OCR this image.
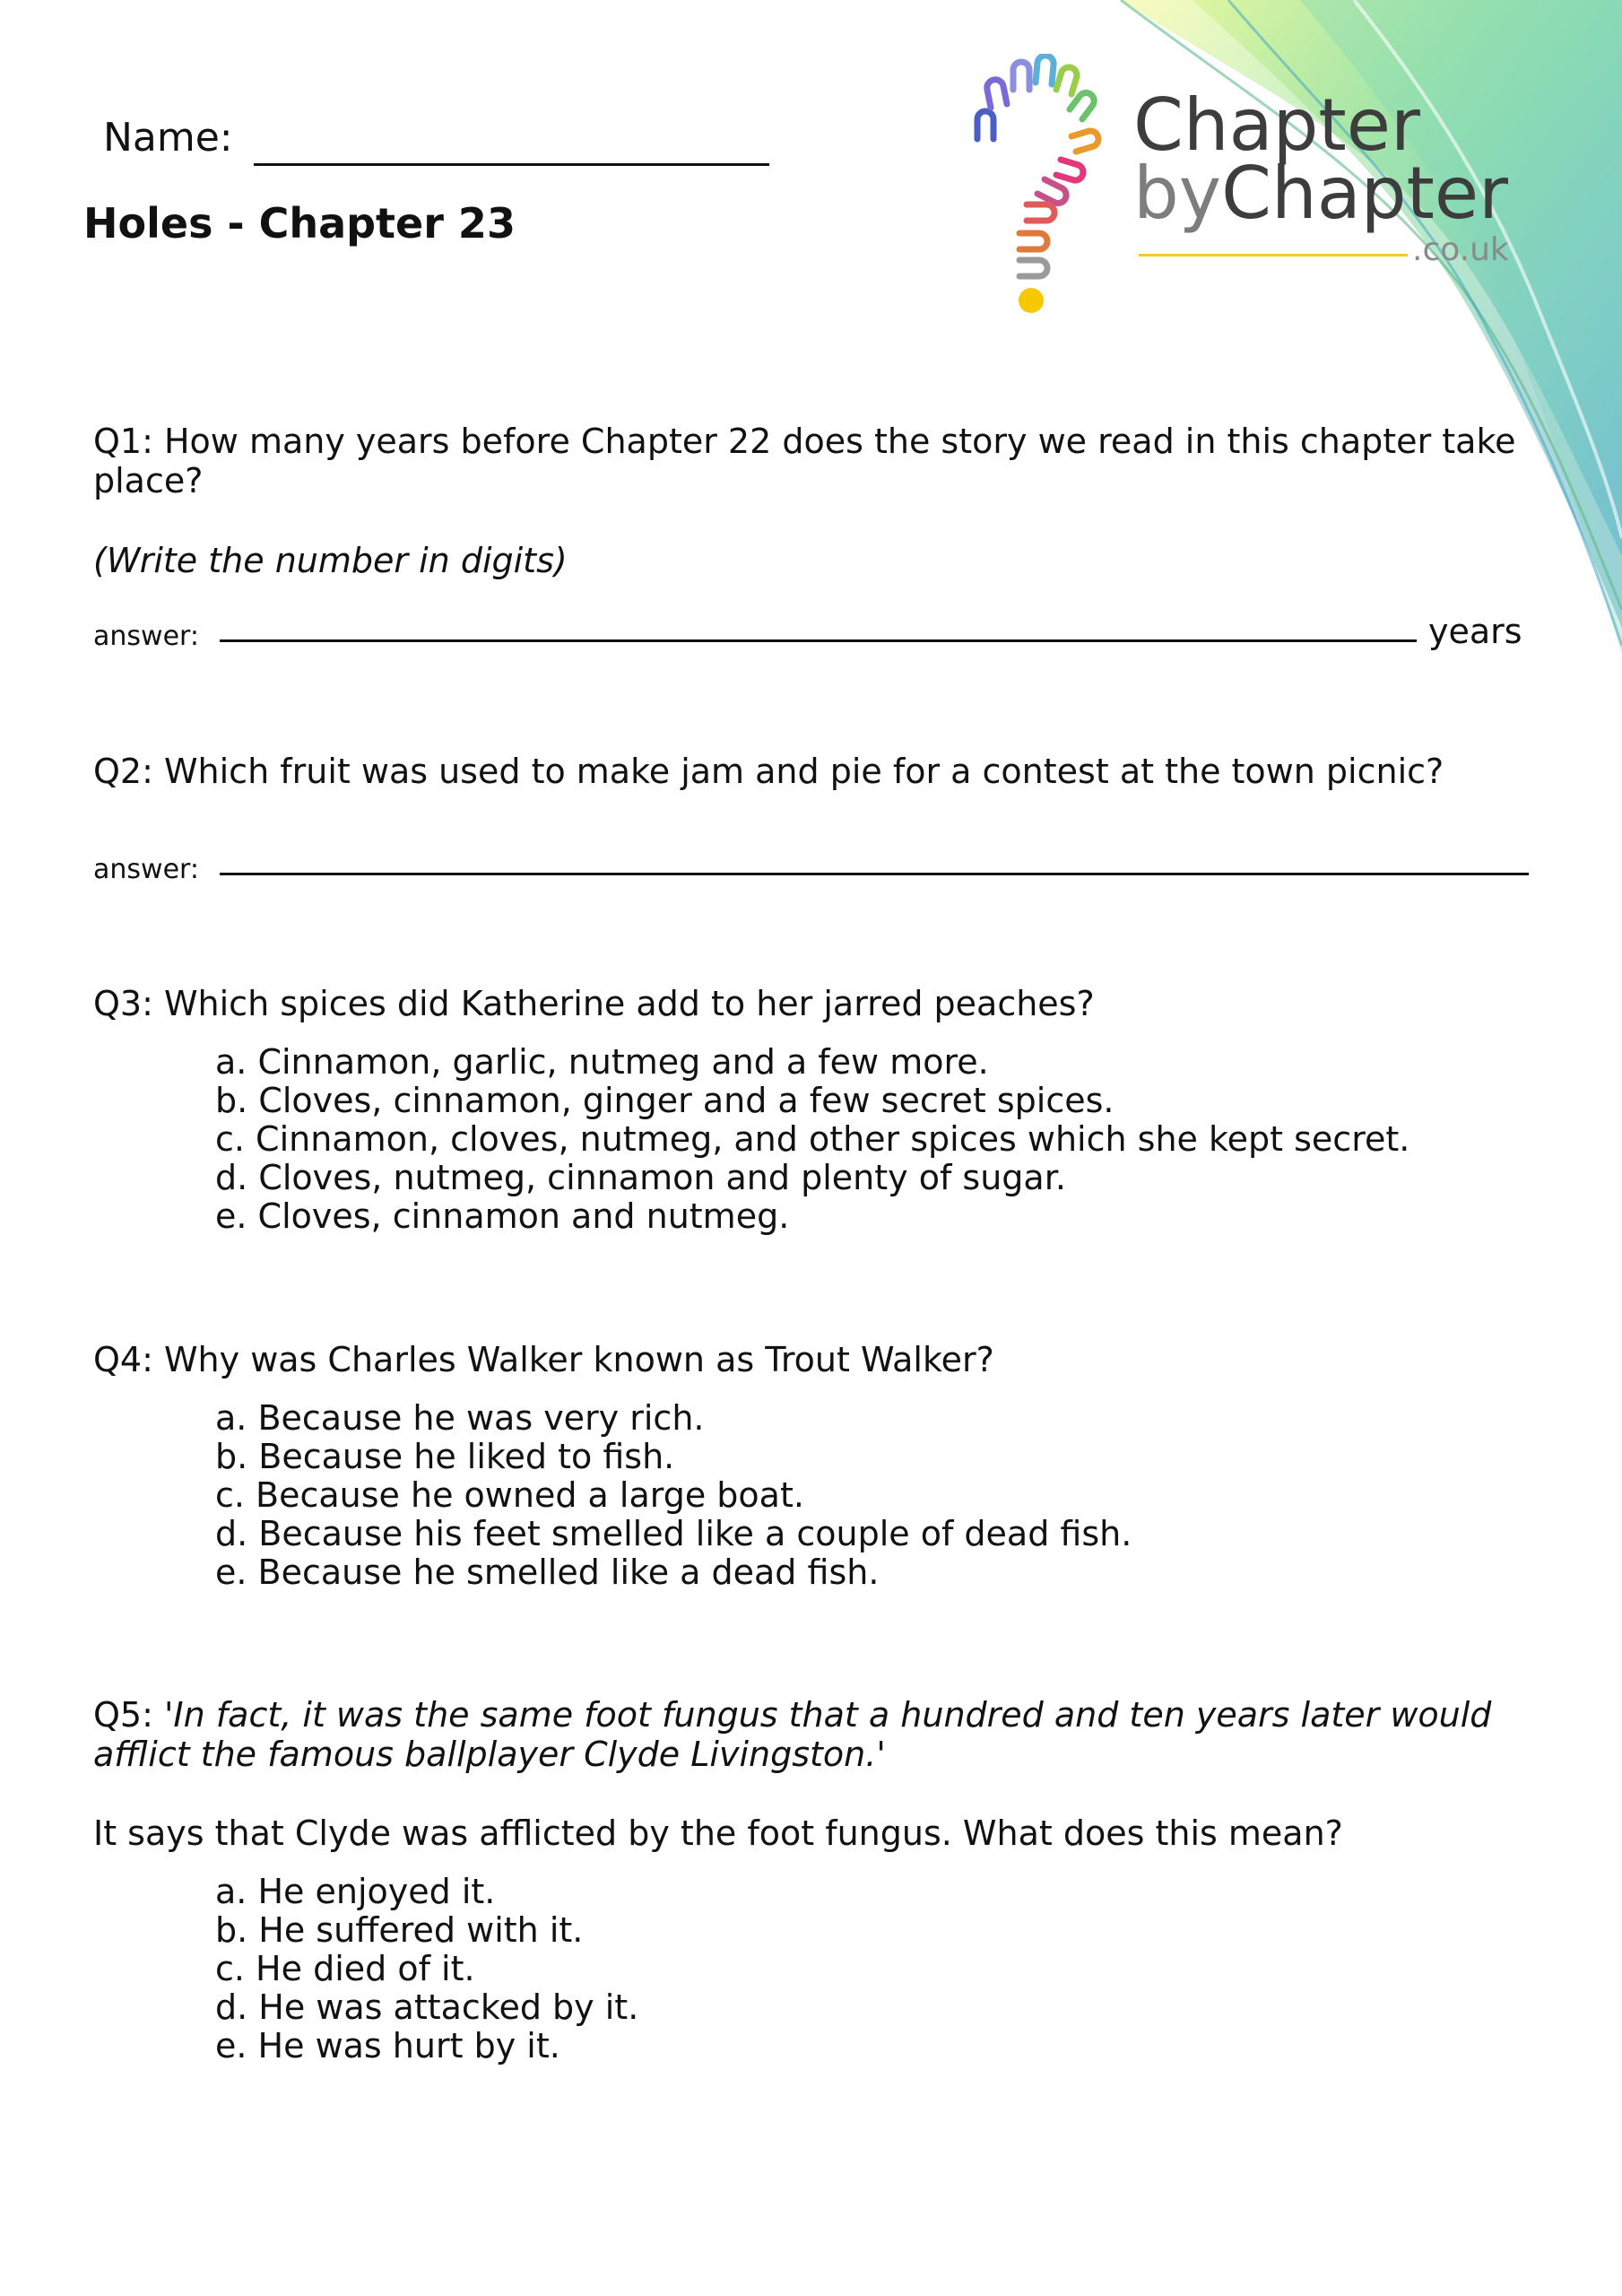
Chapter
byChapter
.co.uk
Name:
Holes - Chapter 23
Q1: How many years before Chapter 22 does the story we read in this chapter take place?
(Write the number in digits)
answer:	years
Q2: Which fruit was used to make jam and pie for a contest at the town picnic?
answer:
Q3: Which spices did Katherine add to her jarred peaches?
a. Cinnamon, garlic, nutmeg and a few more.
b. Cloves, cinnamon, ginger and a few secret spices.
c. Cinnamon, cloves, nutmeg, and other spices which she kept secret.
d. Cloves, nutmeg, cinnamon and plenty of sugar.
e. Cloves, cinnamon and nutmeg.
Q4: Why was Charles Walker known as Trout Walker?
a. Because he was very rich.
b. Because he liked to fish.
c. Because he owned a large boat.
d. Because his feet smelled like a couple of dead fish.
e. Because he smelled like a dead fish.
Q5: 'In fact, it was the same foot fungus that a hundred and ten years later would afflict the famous ballplayer Clyde Livingston.'
It says that Clyde was afflicted by the foot fungus. What does this mean?
a. He enjoyed it.
b. He suffered with it.
c. He died of it.
d. He was attacked by it.
e. He was hurt by it.
